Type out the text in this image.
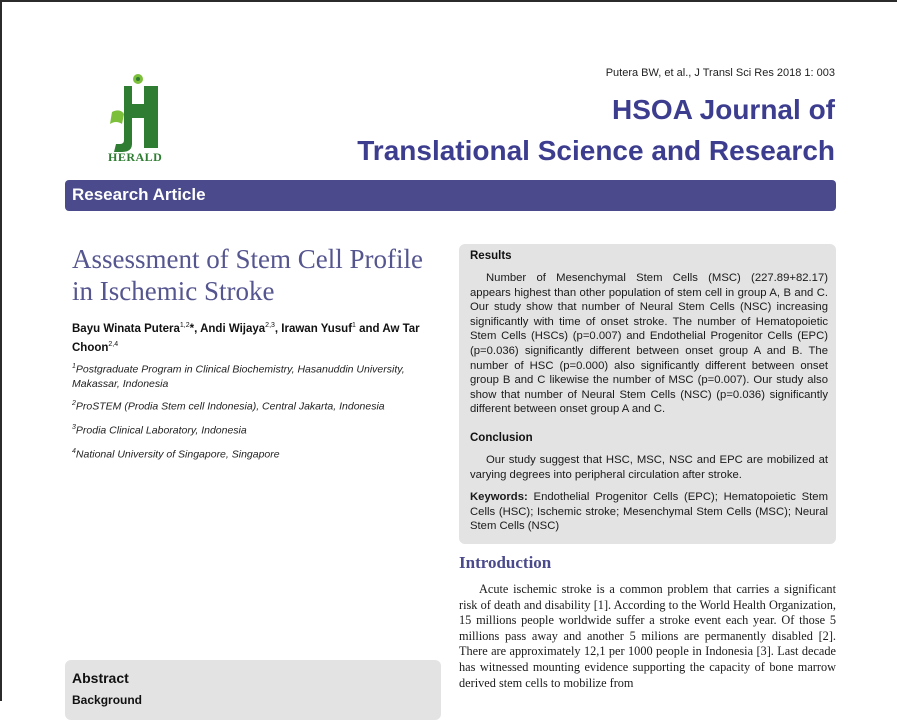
HERALD
Putera BW, et al., J Transl Sci Res 2018 1: 003
HSOA Journal of
Translational Science and Research
Research Article
Assessment of Stem Cell Profile in Ischemic Stroke
Bayu Winata Putera$^{1,2}$*, Andi Wijaya$^{2,3}$, Irawan Yusuf$^1$ and Aw Tar Choon$^{2,4}$
$^1$Postgraduate Program in Clinical Biochemistry, Hasanuddin University, Makassar, Indonesia
$^2$ProSTEM (Prodia Stem cell Indonesia), Central Jakarta, Indonesia
$^3$Prodia Clinical Laboratory, Indonesia
$^4$National University of Singapore, Singapore
Abstract
Background
Results
Number of Mesenchymal Stem Cells (MSC) (227.89+82.17) appears highest than other population of stem cell in group A, B and C. Our study show that number of Neural Stem Cells (NSC) increasing significantly with time of onset stroke. The number of Hematopoietic Stem Cells (HSCs) (p=0.007) and Endothelial Progenitor Cells (EPC) (p=0.036) significantly different between onset group A and B. The number of HSC (p=0.000) also significantly different between onset group B and C likewise the number of MSC (p=0.007). Our study also show that number of Neural Stem Cells (NSC) (p=0.036) significantly different between onset group A and C.
Conclusion
Our study suggest that HSC, MSC, NSC and EPC are mobilized at varying degrees into peripheral circulation after stroke.
Keywords: Endothelial Progenitor Cells (EPC); Hematopoietic Stem Cells (HSC); Ischemic stroke; Mesenchymal Stem Cells (MSC); Neural Stem Cells (NSC)
Introduction
Acute ischemic stroke is a common problem that carries a significant risk of death and disability [1]. According to the World Health Organization, 15 millions people worldwide suffer a stroke event each year. Of those 5 millions pass away and another 5 milions are permanently disabled [2]. There are approximately 12,1 per 1000 people in Indonesia [3]. Last decade has witnessed mounting evidence supporting the capacity of bone marrow derived stem cells to mobilize from
